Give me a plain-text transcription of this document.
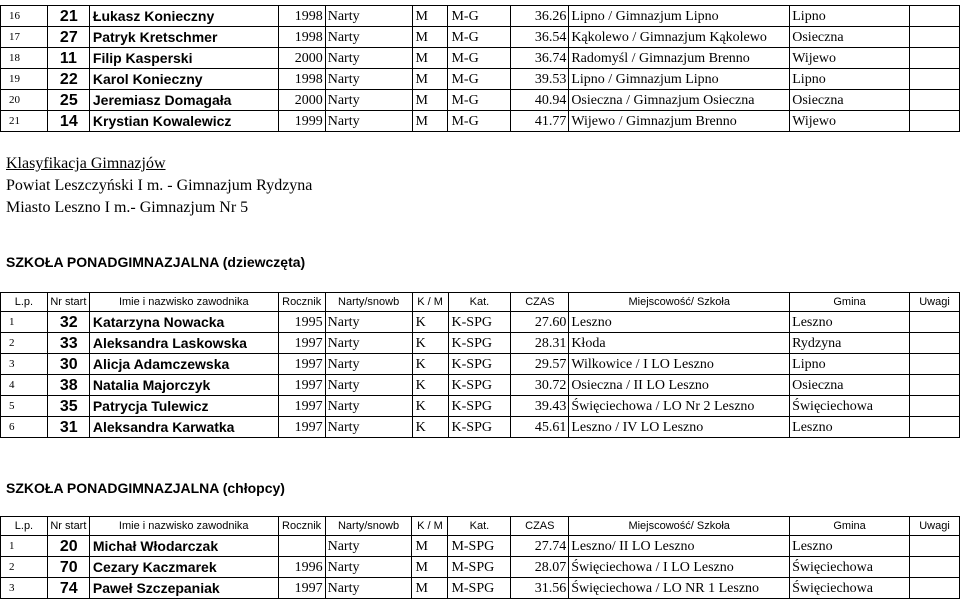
16	21	Łukasz Konieczny	1998	Narty	M	M-G	36.26	Lipno / Gimnazjum Lipno	Lipno	
17	27	Patryk Kretschmer	1998	Narty	M	M-G	36.54	Kąkolewo / Gimnazjum Kąkolewo	Osieczna	
18	11	Filip Kasperski	2000	Narty	M	M-G	36.74	Radomyśl / Gimnazjum Brenno	Wijewo	
19	22	Karol Konieczny	1998	Narty	M	M-G	39.53	Lipno / Gimnazjum Lipno	Lipno	
20	25	Jeremiasz Domagała	2000	Narty	M	M-G	40.94	Osieczna / Gimnazjum Osieczna	Osieczna	
21	14	Krystian Kowalewicz	1999	Narty	M	M-G	41.77	Wijewo / Gimnazjum Brenno	Wijewo	
Klasyfikacja Gimnazjów
Powiat Leszczyński I m. - Gimnazjum Rydzyna
Miasto Leszno I m.- Gimnazjum Nr 5
SZKOŁA PONADGIMNAZJALNA (dziewczęta)
L.p.	Nr start	Imie i nazwisko zawodnika	Rocznik	Narty/snowb	K / M	Kat.	CZAS	Miejscowość/ Szkoła	Gmina	Uwagi
1	32	Katarzyna Nowacka	1995	Narty	K	K-SPG	27.60	Leszno	Leszno	
2	33	Aleksandra Laskowska	1997	Narty	K	K-SPG	28.31	Kłoda	Rydzyna	
3	30	Alicja Adamczewska	1997	Narty	K	K-SPG	29.57	Wilkowice / I LO Leszno	Lipno	
4	38	Natalia Majorczyk	1997	Narty	K	K-SPG	30.72	Osieczna / II LO Leszno	Osieczna	
5	35	Patrycja Tulewicz	1997	Narty	K	K-SPG	39.43	Święciechowa / LO Nr 2 Leszno	Święciechowa	
6	31	Aleksandra Karwatka	1997	Narty	K	K-SPG	45.61	Leszno / IV LO Leszno	Leszno	
SZKOŁA PONADGIMNAZJALNA (chłopcy)
L.p.	Nr start	Imie i nazwisko zawodnika	Rocznik	Narty/snowb	K / M	Kat.	CZAS	Miejscowość/ Szkoła	Gmina	Uwagi
1	20	Michał Włodarczak		Narty	M	M-SPG	27.74	Leszno/ II LO Leszno	Leszno	
2	70	Cezary Kaczmarek	1996	Narty	M	M-SPG	28.07	Święciechowa / I LO Leszno	Święciechowa	
3	74	Paweł Szczepaniak	1997	Narty	M	M-SPG	31.56	Święciechowa / LO NR 1 Leszno	Święciechowa	
